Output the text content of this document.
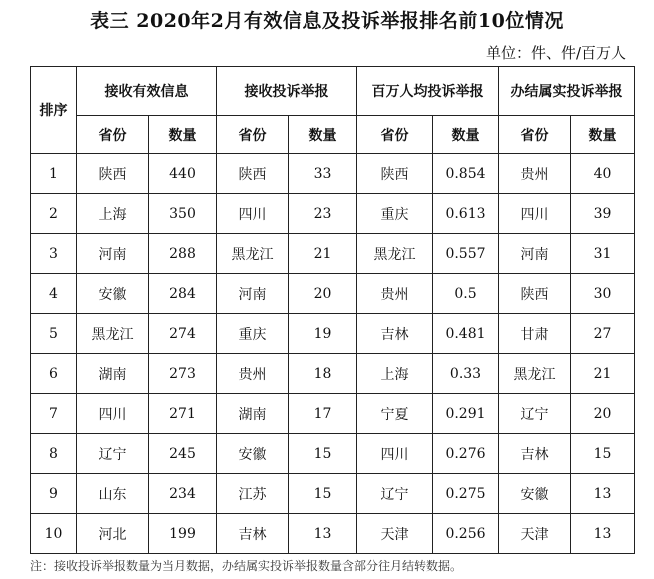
表三 2020年2月有效信息及投诉举报排名前10位情况
单位：件、件/百万人
排序	接收有效信息		接收投诉举报		百万人均投诉举报		办结属实投诉举报	
	省份	数量	省份	数量	省份	数量	省份	数量
1	陕西	440	陕西	33	陕西	0.854	贵州	40
2	上海	350	四川	23	重庆	0.613	四川	39
3	河南	288	黑龙江	21	黑龙江	0.557	河南	31
4	安徽	284	河南	20	贵州	0.5	陕西	30
5	黑龙江	274	重庆	19	吉林	0.481	甘肃	27
6	湖南	273	贵州	18	上海	0.33	黑龙江	21
7	四川	271	湖南	17	宁夏	0.291	辽宁	20
8	辽宁	245	安徽	15	四川	0.276	吉林	15
9	山东	234	江苏	15	辽宁	0.275	安徽	13
10	河北	199	吉林	13	天津	0.256	天津	13
注：接收投诉举报数量为当月数据，办结属实投诉举报数量含部分往月结转数据。
